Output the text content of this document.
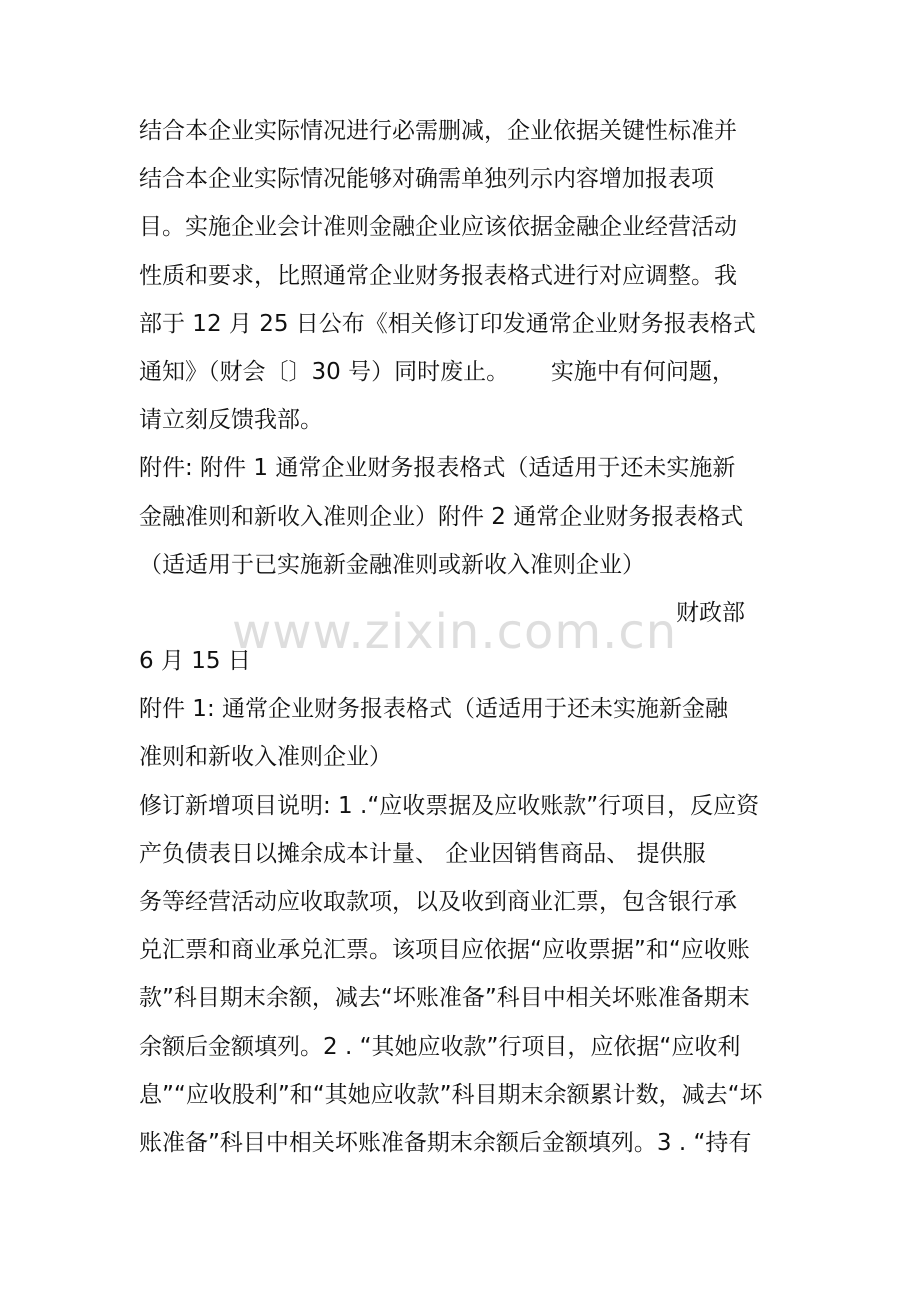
结合本企业实际情况进行必需删减，企业依据关键性标准并
结合本企业实际情况能够对确需单独列示内容增加报表项
目。实施企业会计准则金融企业应该依据金融企业经营活动
性质和要求，比照通常企业财务报表格式进行对应调整。我
部于 12 月 25 日公布《相关修订印发通常企业财务报表格式
通知》（财会〔〕30 号）同时废止。　　 实施中有何问题，
请立刻反馈我部。
附件: 附件 1 通常企业财务报表格式（适适用于还未实施新
金融准则和新收入准则企业）附件 2 通常企业财务报表格式
（适适用于已实施新金融准则或新收入准则企业）
财政部
6 月 15 日
附件 1: 通常企业财务报表格式（适适用于还未实施新金融
准则和新收入准则企业）
修订新增项目说明: 1 .“应收票据及应收账款”行项目，反应资
产负债表日以摊余成本计量、 企业因销售商品、 提供服
务等经营活动应收取款项，以及收到商业汇票，包含银行承
兑汇票和商业承兑汇票。该项目应依据“应收票据”和“应收账
款”科目期末余额，减去“坏账准备”科目中相关坏账准备期末
余额后金额填列。2 . “其她应收款”行项目，应依据“应收利
息”“应收股利”和“其她应收款”科目期末余额累计数，减去“坏
账准备”科目中相关坏账准备期末余额后金额填列。3 . “持有
www.zixin.com.cn
